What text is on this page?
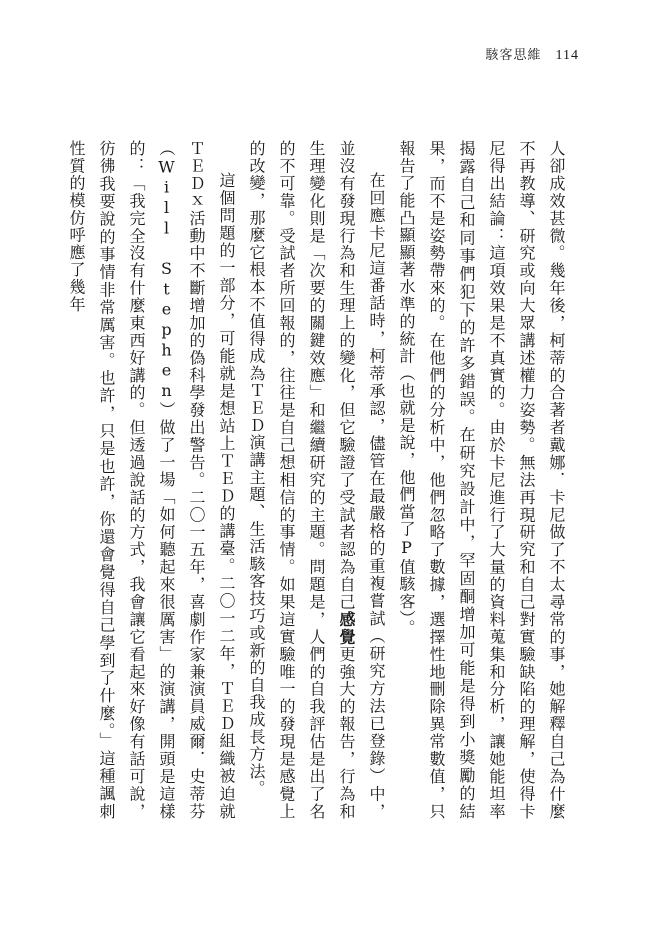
駭客思維 114

人卻成效甚微。幾年後，柯蒂的合著者戴娜．卡尼做了不太尋常的事，她解釋自己為什麼不再教導、研究或向大眾講述權力姿勢。無法再現研究和自己對實驗缺陷的理解，使得卡尼得出結論：這項效果是不真實的。由於卡尼進行了大量的資料蒐集和分析，讓她能坦率揭露自己和同事們犯下的許多錯誤。在研究設計中，罕固酮增加可能是得到小獎勵的結果，而不是姿勢帶來的。在他們的分析中，他們忽略了數據，選擇性地刪除異常數值，只報告了能凸顯顯著水準的統計（也就是說，他們當了P值駭客）。

在回應卡尼這番話時，柯蒂承認，儘管在最嚴格的重複嘗試（研究方法已登錄）中，並沒有發現行為和生理上的變化，但它驗證了受試者認為自己感覺更強大的報告，行為和生理變化則是「次要的關鍵效應」和繼續研究的主題。問題是，人們的自我評估是出了名的不可靠。受試者所回報的，往往是自己想相信的事情。如果這實驗唯一的發現是感覺上的改變，那麼它根本不值得成為ＴＥＤ演講主題、生活駭客技巧或新的自我成長方法。

這個問題的一部分，可能就是想站上ＴＥＤ的講臺。二〇一二年，ＴＥＤ組織被迫就ＴＥＤｘ活動中不斷增加的偽科學發出警告。二〇一五年，喜劇作家兼演員威爾．史蒂芬（Will Stephen）做了一場「如何聽起來很厲害」的演講，開頭是這樣的：「我完全沒有什麼東西好講的。但透過說話的方式，我會讓它看起來好像有話可說，彷彿我要說的事情非常厲害。也許，只是也許，你還會覺得自己學到了什麼。」這種諷刺性質的模仿呼應了幾年
